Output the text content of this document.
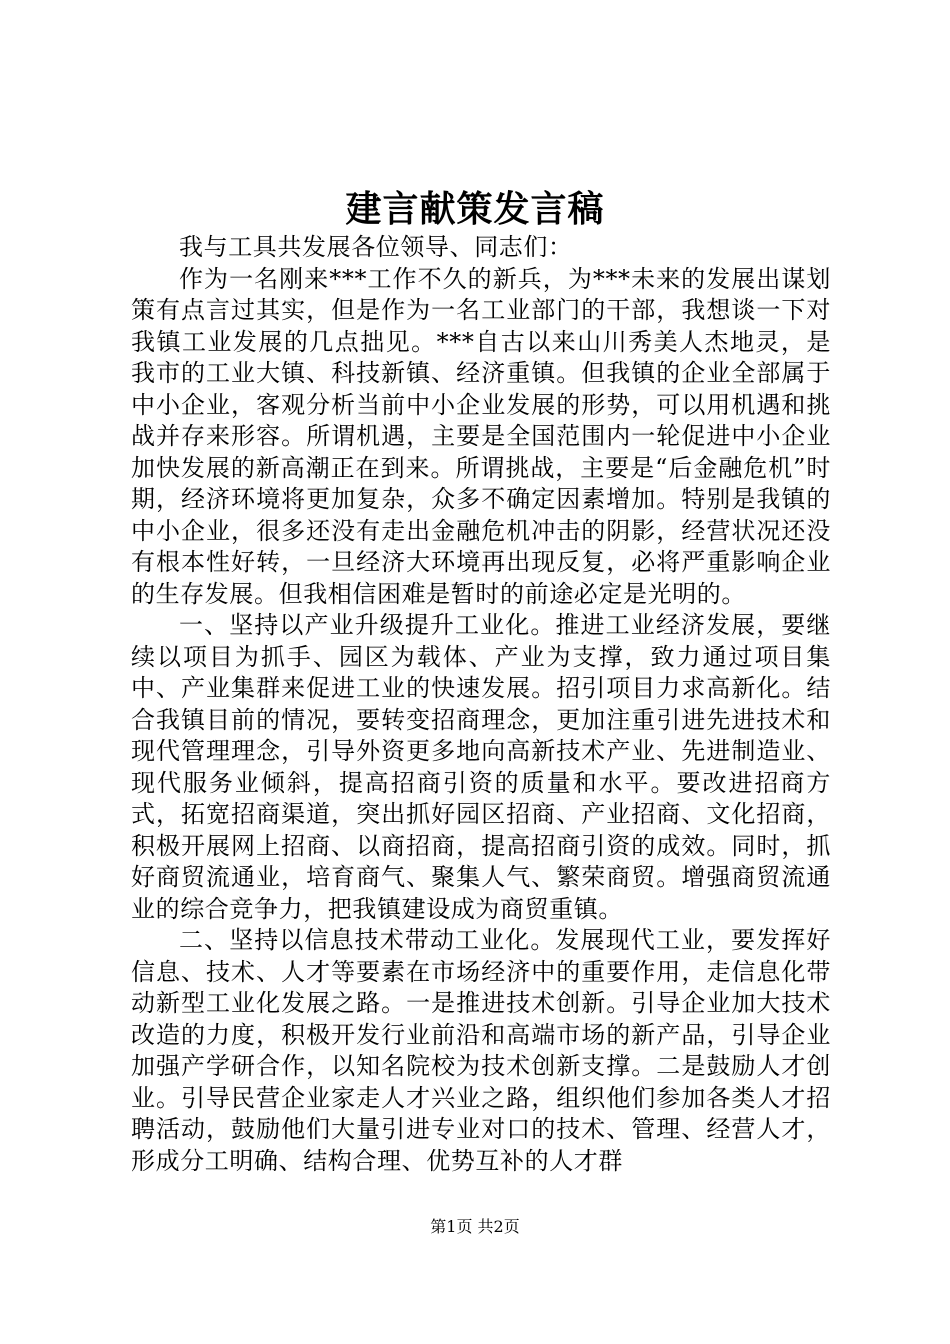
建言献策发言稿

我与工具共发展各位领导、同志们：

作为一名刚来***工作不久的新兵，为***未来的发展出谋划策有点言过其实，但是作为一名工业部门的干部，我想谈一下对我镇工业发展的几点拙见。***自古以来山川秀美人杰地灵，是我市的工业大镇、科技新镇、经济重镇。但我镇的企业全部属于中小企业，客观分析当前中小企业发展的形势，可以用机遇和挑战并存来形容。所谓机遇，主要是全国范围内一轮促进中小企业加快发展的新高潮正在到来。所谓挑战，主要是“后金融危机”时期，经济环境将更加复杂，众多不确定因素增加。特别是我镇的中小企业，很多还没有走出金融危机冲击的阴影，经营状况还没有根本性好转，一旦经济大环境再出现反复，必将严重影响企业的生存发展。但我相信困难是暂时的前途必定是光明的。

一、坚持以产业升级提升工业化。推进工业经济发展，要继续以项目为抓手、园区为载体、产业为支撑，致力通过项目集中、产业集群来促进工业的快速发展。招引项目力求高新化。结合我镇目前的情况，要转变招商理念，更加注重引进先进技术和现代管理理念，引导外资更多地向高新技术产业、先进制造业、现代服务业倾斜，提高招商引资的质量和水平。要改进招商方式，拓宽招商渠道，突出抓好园区招商、产业招商、文化招商，积极开展网上招商、以商招商，提高招商引资的成效。同时，抓好商贸流通业，培育商气、聚集人气、繁荣商贸。增强商贸流通业的综合竞争力，把我镇建设成为商贸重镇。

二、坚持以信息技术带动工业化。发展现代工业，要发挥好信息、技术、人才等要素在市场经济中的重要作用，走信息化带动新型工业化发展之路。一是推进技术创新。引导企业加大技术改造的力度，积极开发行业前沿和高端市场的新产品，引导企业加强产学研合作，以知名院校为技术创新支撑。二是鼓励人才创业。引导民营企业家走人才兴业之路，组织他们参加各类人才招聘活动，鼓励他们大量引进专业对口的技术、管理、经营人才，形成分工明确、结构合理、优势互补的人才群

第1页 共2页
